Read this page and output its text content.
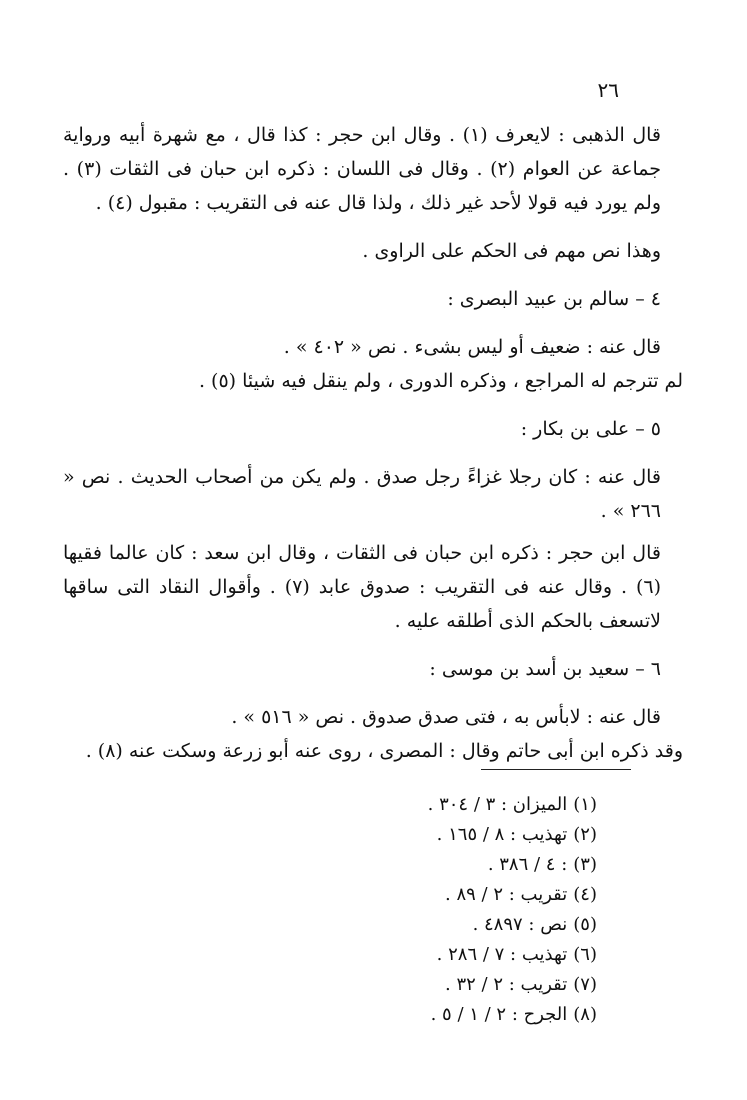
٢٦

قال الذهبى : لايعرف (١) . وقال ابن حجر : كذا قال ، مع شهرة أبيه ورواية جماعة عن العوام (٢) . وقال فى اللسان : ذكره ابن حبان فى الثقات (٣) . ولم يورد فيه قولا لأحد غير ذلك ، ولذا قال عنه فى التقريب : مقبول (٤) .

وهذا نص مهم فى الحكم على الراوى .

٤ – سالم بن عبيد البصرى :

قال عنه : ضعيف أو ليس بشىء . نص « ٤٠٢ » .

لم تترجم له المراجع ، وذكره الدورى ، ولم ينقل فيه شيئا (٥) .

٥ – على بن بكار :

قال عنه : كان رجلا غزاءً رجل صدق . ولم يكن من أصحاب الحديث . نص « ٢٦٦ » .

قال ابن حجر : ذكره ابن حبان فى الثقات ، وقال ابن سعد : كان عالما فقيها (٦) . وقال عنه فى التقريب : صدوق عابد (٧) . وأقوال النقاد التى ساقها لاتسعف بالحكم الذى أطلقه عليه .

٦ – سعيد بن أسد بن موسى :

قال عنه : لابأس به ، فتى صدق صدوق . نص « ٥١٦ » .

وقد ذكره ابن أبى حاتم وقال : المصرى ، روى عنه أبو زرعة وسكت عنه (٨) .

(١)الميزان : ٣ / ٣٠٤ .
(٢)تهذيب : ٨ / ١٦٥ .
(٣): ٤ / ٣٨٦ .
(٤)تقريب : ٢ / ٨٩ .
(٥)نص : ٤٨٩٧ .
(٦)تهذيب : ٧ / ٢٨٦ .
(٧)تقريب : ٢ / ٣٢ .
(٨)الجرح : ٢ / ١ / ٥ .
